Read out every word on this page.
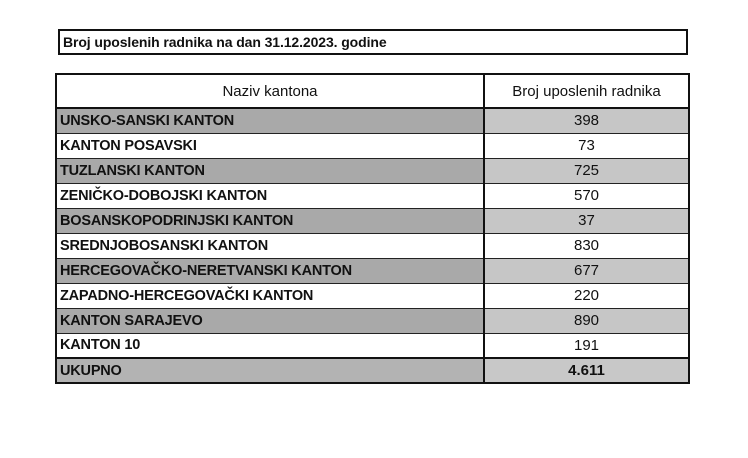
Broj uposlenih radnika na dan 31.12.2023. godine
Naziv kantona	Broj uposlenih radnika
UNSKO-SANSKI KANTON	398
KANTON POSAVSKI	73
TUZLANSKI KANTON	725
ZENIČKO-DOBOJSKI KANTON	570
BOSANSKOPODRINJSKI KANTON	37
SREDNJOBOSANSKI KANTON	830
HERCEGOVAČKO-NERETVANSKI KANTON	677
ZAPADNO-HERCEGOVAČKI KANTON	220
KANTON SARAJEVO	890
KANTON 10	191
UKUPNO	4.611
